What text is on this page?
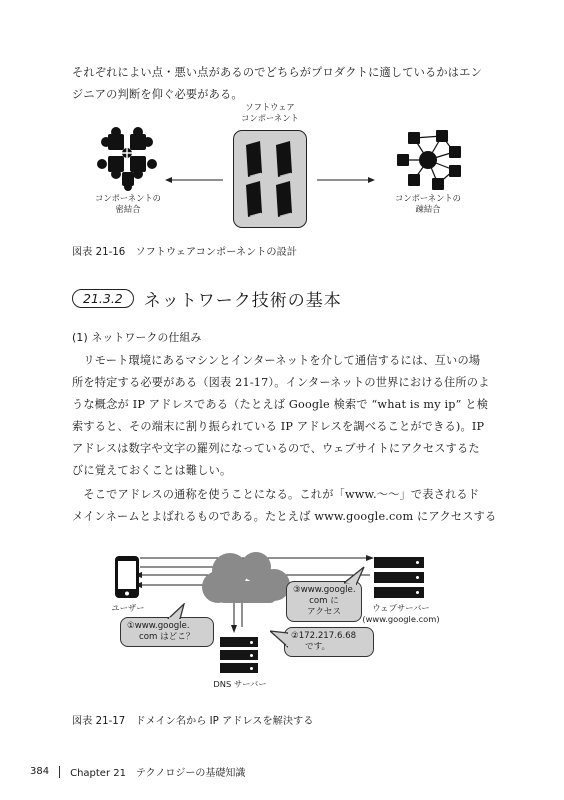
それぞれによい点・悪い点があるのでどちらがプロダクトに適しているかはエン
ジニアの判断を仰ぐ必要がある。
ソフトウェア
コンポーネント
コンポーネントの
密結合
コンポーネントの
疎結合
図表 21-16　ソフトウェアコンポーネントの設計
21.3.2	ネットワーク技術の基本
(1) ネットワークの仕組み
　リモート環境にあるマシンとインターネットを介して通信するには、互いの場
所を特定する必要がある（図表 21-17）。インターネットの世界における住所のよ
うな概念が IP アドレスである（たとえば Google 検索で “what is my ip” と検
索すると、その端末に割り振られている IP アドレスを調べることができる)。IP
アドレスは数字や文字の羅列になっているので、ウェブサイトにアクセスするた
びに覚えておくことは難しい。
　そこでアドレスの通称を使うことになる。これが「www.～～」で表されるド
メインネームとよばれるものである。たとえば www.google.com にアクセスする
ユーザー	ウェブサーバー
(www.google.com)
DNS サーバー
①www.google.
com はどこ？	②172.217.6.68
です。
③www.google.
com に
アクセス
図表 21-17　ドメイン名から IP アドレスを解決する
384 Chapter 21　テクノロジーの基礎知識
